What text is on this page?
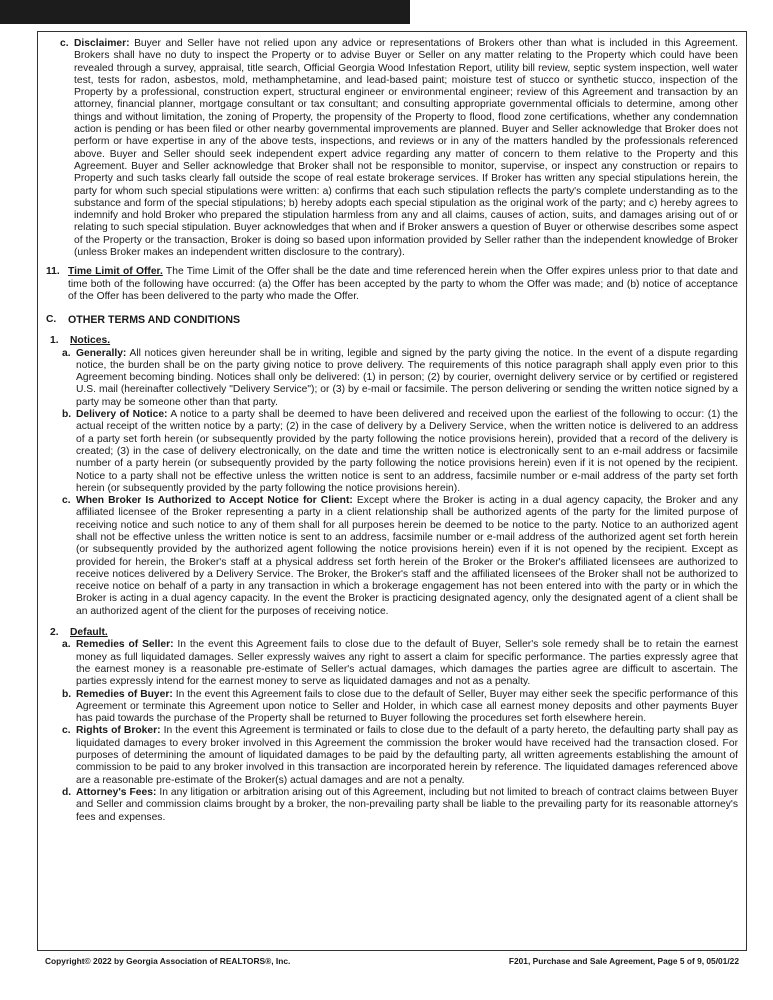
c. Disclaimer: Buyer and Seller have not relied upon any advice or representations of Brokers other than what is included in this Agreement. Brokers shall have no duty to inspect the Property or to advise Buyer or Seller on any matter relating to the Property which could have been revealed through a survey, appraisal, title search, Official Georgia Wood Infestation Report, utility bill review, septic system inspection, well water test, tests for radon, asbestos, mold, methamphetamine, and lead-based paint; moisture test of stucco or synthetic stucco, inspection of the Property by a professional, construction expert, structural engineer or environmental engineer; review of this Agreement and transaction by an attorney, financial planner, mortgage consultant or tax consultant; and consulting appropriate governmental officials to determine, among other things and without limitation, the zoning of Property, the propensity of the Property to flood, flood zone certifications, whether any condemnation action is pending or has been filed or other nearby governmental improvements are planned. Buyer and Seller acknowledge that Broker does not perform or have expertise in any of the above tests, inspections, and reviews or in any of the matters handled by the professionals referenced above. Buyer and Seller should seek independent expert advice regarding any matter of concern to them relative to the Property and this Agreement. Buyer and Seller acknowledge that Broker shall not be responsible to monitor, supervise, or inspect any construction or repairs to Property and such tasks clearly fall outside the scope of real estate brokerage services. If Broker has written any special stipulations herein, the party for whom such special stipulations were written: a) confirms that each such stipulation reflects the party's complete understanding as to the substance and form of the special stipulations; b) hereby adopts each special stipulation as the original work of the party; and c) hereby agrees to indemnify and hold Broker who prepared the stipulation harmless from any and all claims, causes of action, suits, and damages arising out of or relating to such special stipulation. Buyer acknowledges that when and if Broker answers a question of Buyer or otherwise describes some aspect of the Property or the transaction, Broker is doing so based upon information provided by Seller rather than the independent knowledge of Broker (unless Broker makes an independent written disclosure to the contrary).

11. Time Limit of Offer. The Time Limit of the Offer shall be the date and time referenced herein when the Offer expires unless prior to that date and time both of the following have occurred: (a) the Offer has been accepted by the party to whom the Offer was made; and (b) notice of acceptance of the Offer has been delivered to the party who made the Offer.

C.	OTHER TERMS AND CONDITIONS
1.	Notices.
a. Generally: All notices given hereunder shall be in writing, legible and signed by the party giving the notice. In the event of a dispute regarding notice, the burden shall be on the party giving notice to prove delivery. The requirements of this notice paragraph shall apply even prior to this Agreement becoming binding. Notices shall only be delivered: (1) in person; (2) by courier, overnight delivery service or by certified or registered U.S. mail (hereinafter collectively "Delivery Service"); or (3) by e-mail or facsimile. The person delivering or sending the written notice signed by a party may be someone other than that party.

b. Delivery of Notice: A notice to a party shall be deemed to have been delivered and received upon the earliest of the following to occur: (1) the actual receipt of the written notice by a party; (2) in the case of delivery by a Delivery Service, when the written notice is delivered to an address of a party set forth herein (or subsequently provided by the party following the notice provisions herein), provided that a record of the delivery is created; (3) in the case of delivery electronically, on the date and time the written notice is electronically sent to an e-mail address or facsimile number of a party herein (or subsequently provided by the party following the notice provisions herein) even if it is not opened by the recipient. Notice to a party shall not be effective unless the written notice is sent to an address, facsimile number or e-mail address of the party set forth herein (or subsequently provided by the party following the notice provisions herein).

c. When Broker Is Authorized to Accept Notice for Client: Except where the Broker is acting in a dual agency capacity, the Broker and any affiliated licensee of the Broker representing a party in a client relationship shall be authorized agents of the party for the limited purpose of receiving notice and such notice to any of them shall for all purposes herein be deemed to be notice to the party. Notice to an authorized agent shall not be effective unless the written notice is sent to an address, facsimile number or e-mail address of the authorized agent set forth herein (or subsequently provided by the authorized agent following the notice provisions herein) even if it is not opened by the recipient. Except as provided for herein, the Broker's staff at a physical address set forth herein of the Broker or the Broker's affiliated licensees are authorized to receive notices delivered by a Delivery Service. The Broker, the Broker's staff and the affiliated licensees of the Broker shall not be authorized to receive notice on behalf of a party in any transaction in which a brokerage engagement has not been entered into with the party or in which the Broker is acting in a dual agency capacity. In the event the Broker is practicing designated agency, only the designated agent of a client shall be an authorized agent of the client for the purposes of receiving notice.

2.	Default.
a. Remedies of Seller: In the event this Agreement fails to close due to the default of Buyer, Seller's sole remedy shall be to retain the earnest money as full liquidated damages. Seller expressly waives any right to assert a claim for specific performance. The parties expressly agree that the earnest money is a reasonable pre-estimate of Seller's actual damages, which damages the parties agree are difficult to ascertain. The parties expressly intend for the earnest money to serve as liquidated damages and not as a penalty.

b. Remedies of Buyer: In the event this Agreement fails to close due to the default of Seller, Buyer may either seek the specific performance of this Agreement or terminate this Agreement upon notice to Seller and Holder, in which case all earnest money deposits and other payments Buyer has paid towards the purchase of the Property shall be returned to Buyer following the procedures set forth elsewhere herein.

c. Rights of Broker: In the event this Agreement is terminated or fails to close due to the default of a party hereto, the defaulting party shall pay as liquidated damages to every broker involved in this Agreement the commission the broker would have received had the transaction closed. For purposes of determining the amount of liquidated damages to be paid by the defaulting party, all written agreements establishing the amount of commission to be paid to any broker involved in this transaction are incorporated herein by reference. The liquidated damages referenced above are a reasonable pre-estimate of the Broker(s) actual damages and are not a penalty.

d. Attorney's Fees: In any litigation or arbitration arising out of this Agreement, including but not limited to breach of contract claims between Buyer and Seller and commission claims brought by a broker, the non-prevailing party shall be liable to the prevailing party for its reasonable attorney's fees and expenses.

Copyright© 2022 by Georgia Association of REALTORS®, Inc.	F201, Purchase and Sale Agreement, Page 5 of 9, 05/01/22
